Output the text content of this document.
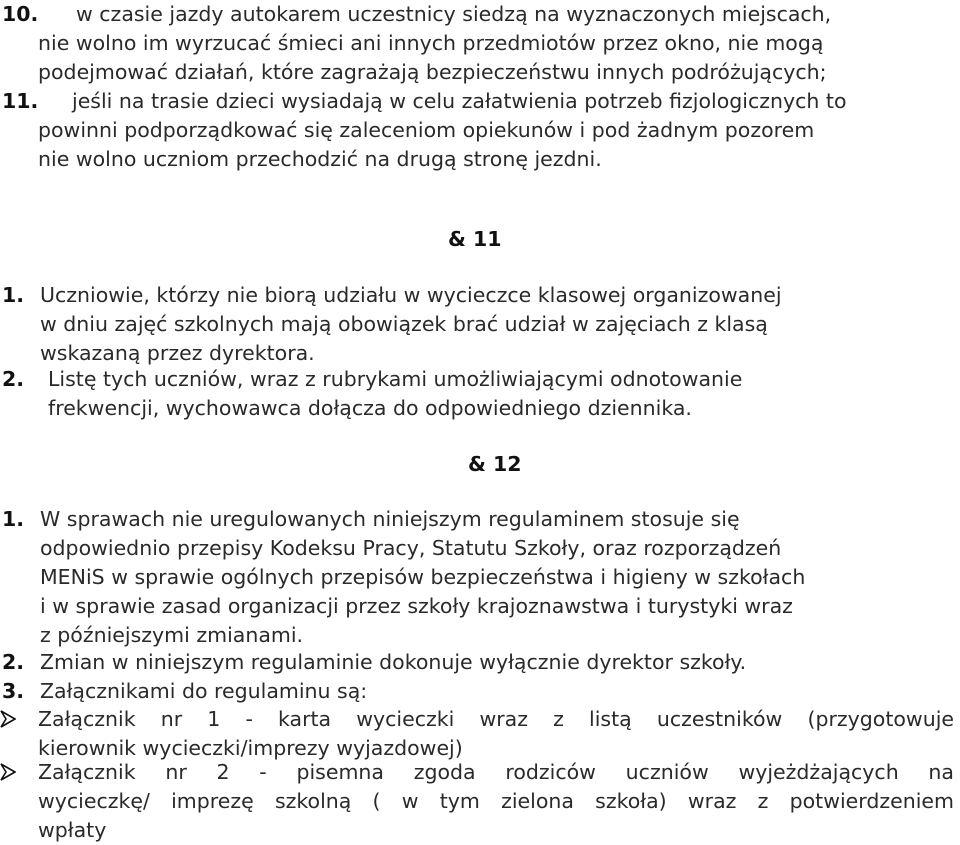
10. w czasie jazdy autokarem uczestnicy siedzą na wyznaczonych miejscach,
nie wolno im wyrzucać śmieci ani innych przedmiotów przez okno, nie mogą
podejmować działań, które zagrażają bezpieczeństwu innych podróżujących;
11. jeśli na trasie dzieci wysiadają w celu załatwienia potrzeb fizjologicznych to
powinni podporządkować się zaleceniom opiekunów i pod żadnym pozorem
nie wolno uczniom przechodzić na drugą stronę jezdni.
& 11
1. Uczniowie, którzy nie biorą udziału w wycieczce klasowej organizowanej
w dniu zajęć szkolnych mają obowiązek brać udział w zajęciach z klasą
wskazaną przez dyrektora.
2. Listę tych uczniów, wraz z rubrykami umożliwiającymi odnotowanie
frekwencji, wychowawca dołącza do odpowiedniego dziennika.
& 12
1. W sprawach nie uregulowanych niniejszym regulaminem stosuje się
odpowiednio przepisy Kodeksu Pracy, Statutu Szkoły, oraz rozporządzeń
MENiS w sprawie ogólnych przepisów bezpieczeństwa i higieny w szkołach
i w sprawie zasad organizacji przez szkoły krajoznawstwa i turystyki wraz
z późniejszymi zmianami.
2. Zmian w niniejszym regulaminie dokonuje wyłącznie dyrektor szkoły.
3. Załącznikami do regulaminu są:
Załącznik nr 1 - karta wycieczki wraz z listą uczestników (przygotowuje
kierownik wycieczki/imprezy wyjazdowej)
Załącznik nr 2 - pisemna zgoda rodziców uczniów wyjeżdżających na
wycieczkę/ imprezę szkolną ( w tym zielona szkoła) wraz z potwierdzeniem
wpłaty
